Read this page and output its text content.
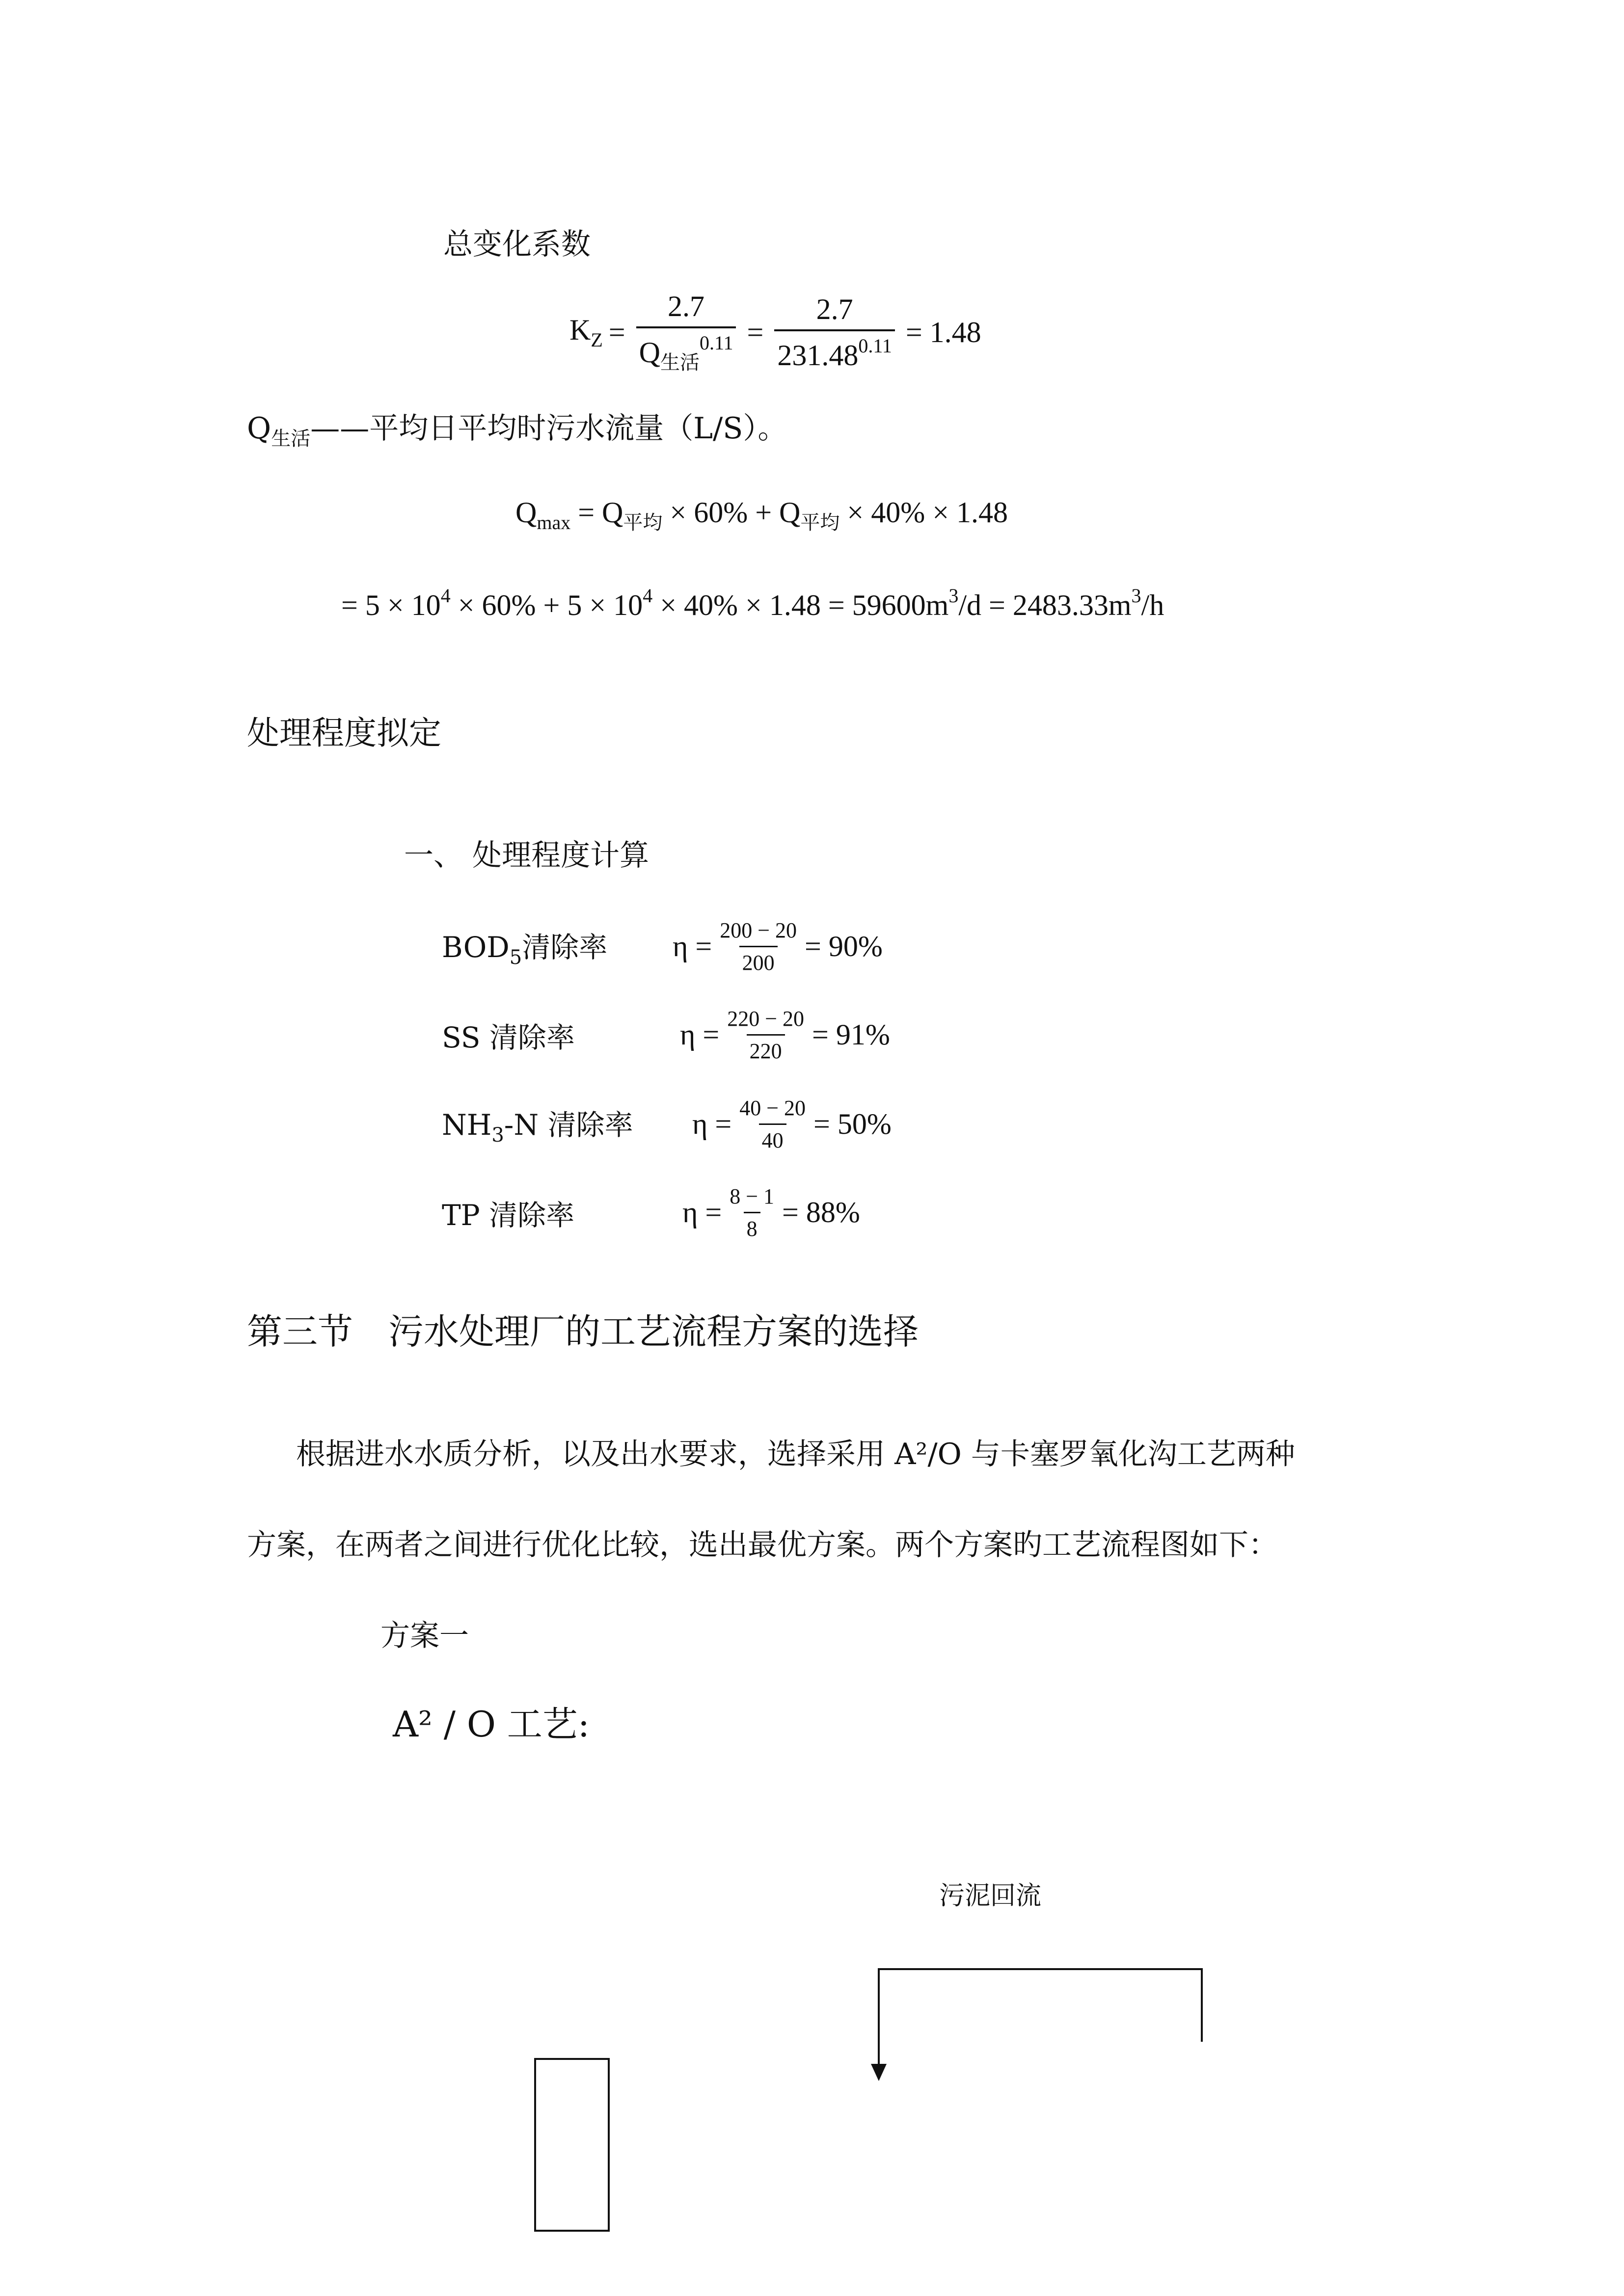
总变化系数
$K_Z = \frac{2.7}{Q_{生活}^{0.11}} = \frac{2.7}{231.48^{0.11}} = 1.48$
$Q_{生活}——$平均日平均时污水流量（L/S）。
$Q_{max} = Q_{平均} \times 60\% + Q_{平均} \times 40\% \times 1.48$
= $5 \times 10^4 \times 60\% + 5 \times 10^4 \times 40\% \times 1.48 = 59600m^3/d = 2483.33m^3/h$
处理程度拟定
一、 处理程度计算
$BOD_5$清除率	$\eta = \frac{200 - 20}{200} = 90\%$
SS 清除率	$\eta = \frac{220 - 20}{220} = 91\%$
$NH_3-N$ 清除率	$\eta = \frac{40 - 20}{40} = 50\%$
TP 清除率	$\eta = \frac{8 - 1}{8} = 88\%$
第三节　污水处理厂的工艺流程方案的选择
根据进水水质分析，以及出水要求，选择采用 A²/O 与卡塞罗氧化沟工艺两种
方案，在两者之间进行优化比较，选出最优方案。两个方案旳工艺流程图如下：
方案一
A² / O 工艺:
污泥回流
